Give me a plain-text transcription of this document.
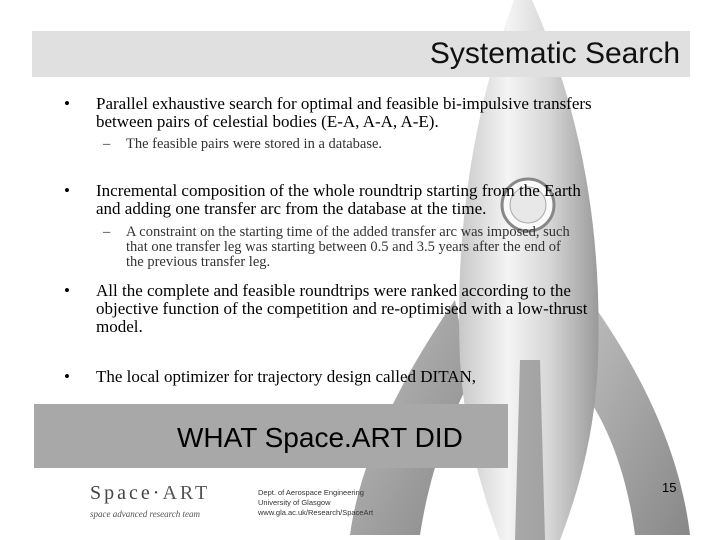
Systematic Search
• Parallel exhaustive search for optimal and feasible bi-impulsive transfers
between pairs of celestial bodies (E-A, A-A, A-E).
– The feasible pairs were stored in a database.
• Incremental composition of the whole roundtrip starting from the Earth
and adding one transfer arc from the database at the time.
– A constraint on the starting time of the added transfer arc was imposed, such
that one transfer leg was starting between 0.5 and 3.5 years after the end of
the previous transfer leg.
• All the complete and feasible roundtrips were ranked according to the
objective function of the competition and re-optimised with a low-thrust
model.
• The local optimizer for trajectory design called DITAN,
WHAT Space.ART DID
Space·ART
space advanced research team
Dept. of Aerospace Engineering
University of Glasgow
www.gla.ac.uk/Research/SpaceArt
15
